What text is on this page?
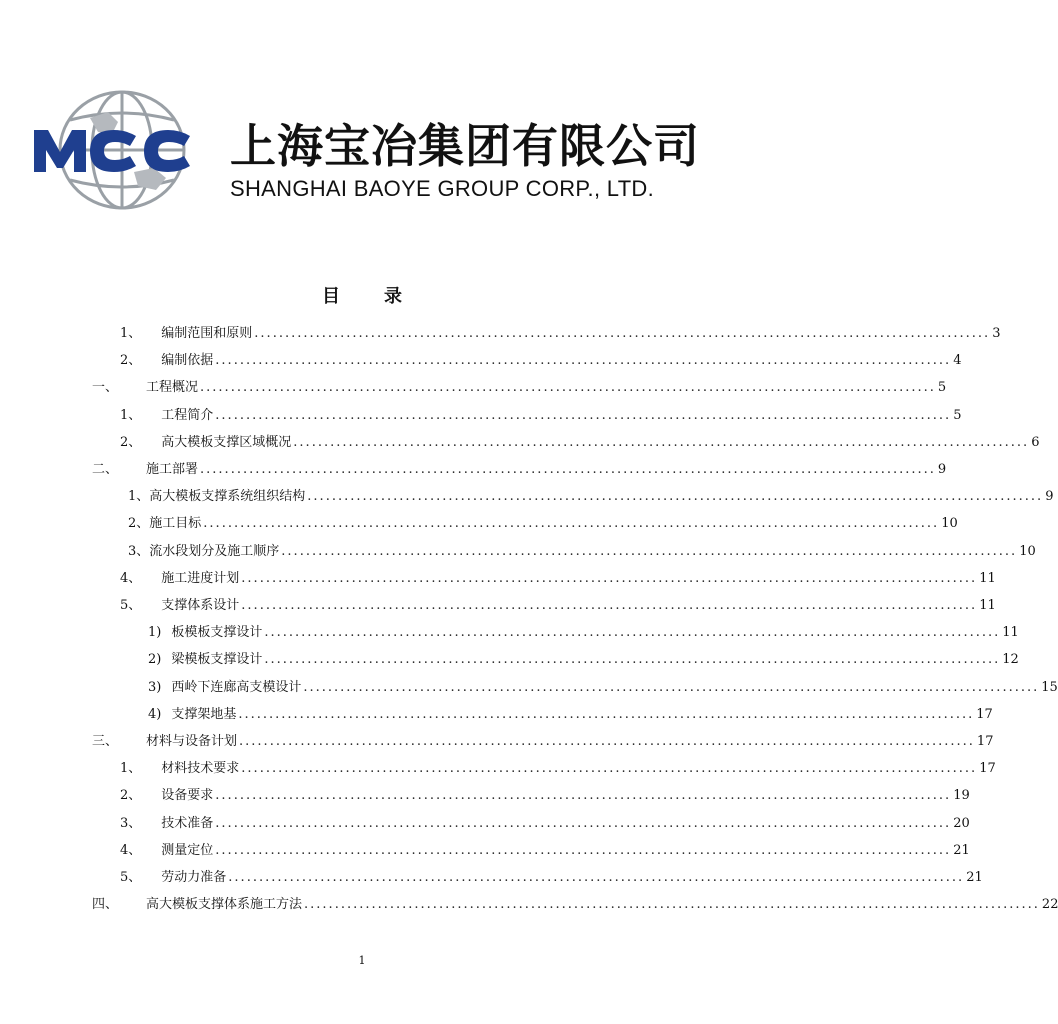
MCC
上海宝冶集团有限公司
SHANGHAI BAOYE GROUP CORP., LTD.
目录
1、 编制范围和原则 ........................................................................................................................ 3
2、 编制依据 ........................................................................................................................ 4
一、 工程概况 ........................................................................................................................ 5
1、 工程简介 ........................................................................................................................ 5
2、 高大模板支撑区域概况 ........................................................................................................................ 6
二、 施工部署 ........................................................................................................................ 9
1、 高大模板支撑系统组织结构 ........................................................................................................................ 9
2、 施工目标 ........................................................................................................................ 10
3、 流水段划分及施工顺序 ........................................................................................................................ 10
4、 施工进度计划 ........................................................................................................................ 11
5、 支撑体系设计 ........................................................................................................................ 11
1) 板模板支撑设计 ........................................................................................................................ 11
2) 梁模板支撑设计 ........................................................................................................................ 12
3) 西岭下连廊高支模设计 ........................................................................................................................ 15
4) 支撑架地基 ........................................................................................................................ 17
三、 材料与设备计划 ........................................................................................................................ 17
1、 材料技术要求 ........................................................................................................................ 17
2、 设备要求 ........................................................................................................................ 19
3、 技术准备 ........................................................................................................................ 20
4、 测量定位 ........................................................................................................................ 21
5、 劳动力准备 ........................................................................................................................ 21
四、 高大模板支撑体系施工方法 ........................................................................................................................ 22
1
